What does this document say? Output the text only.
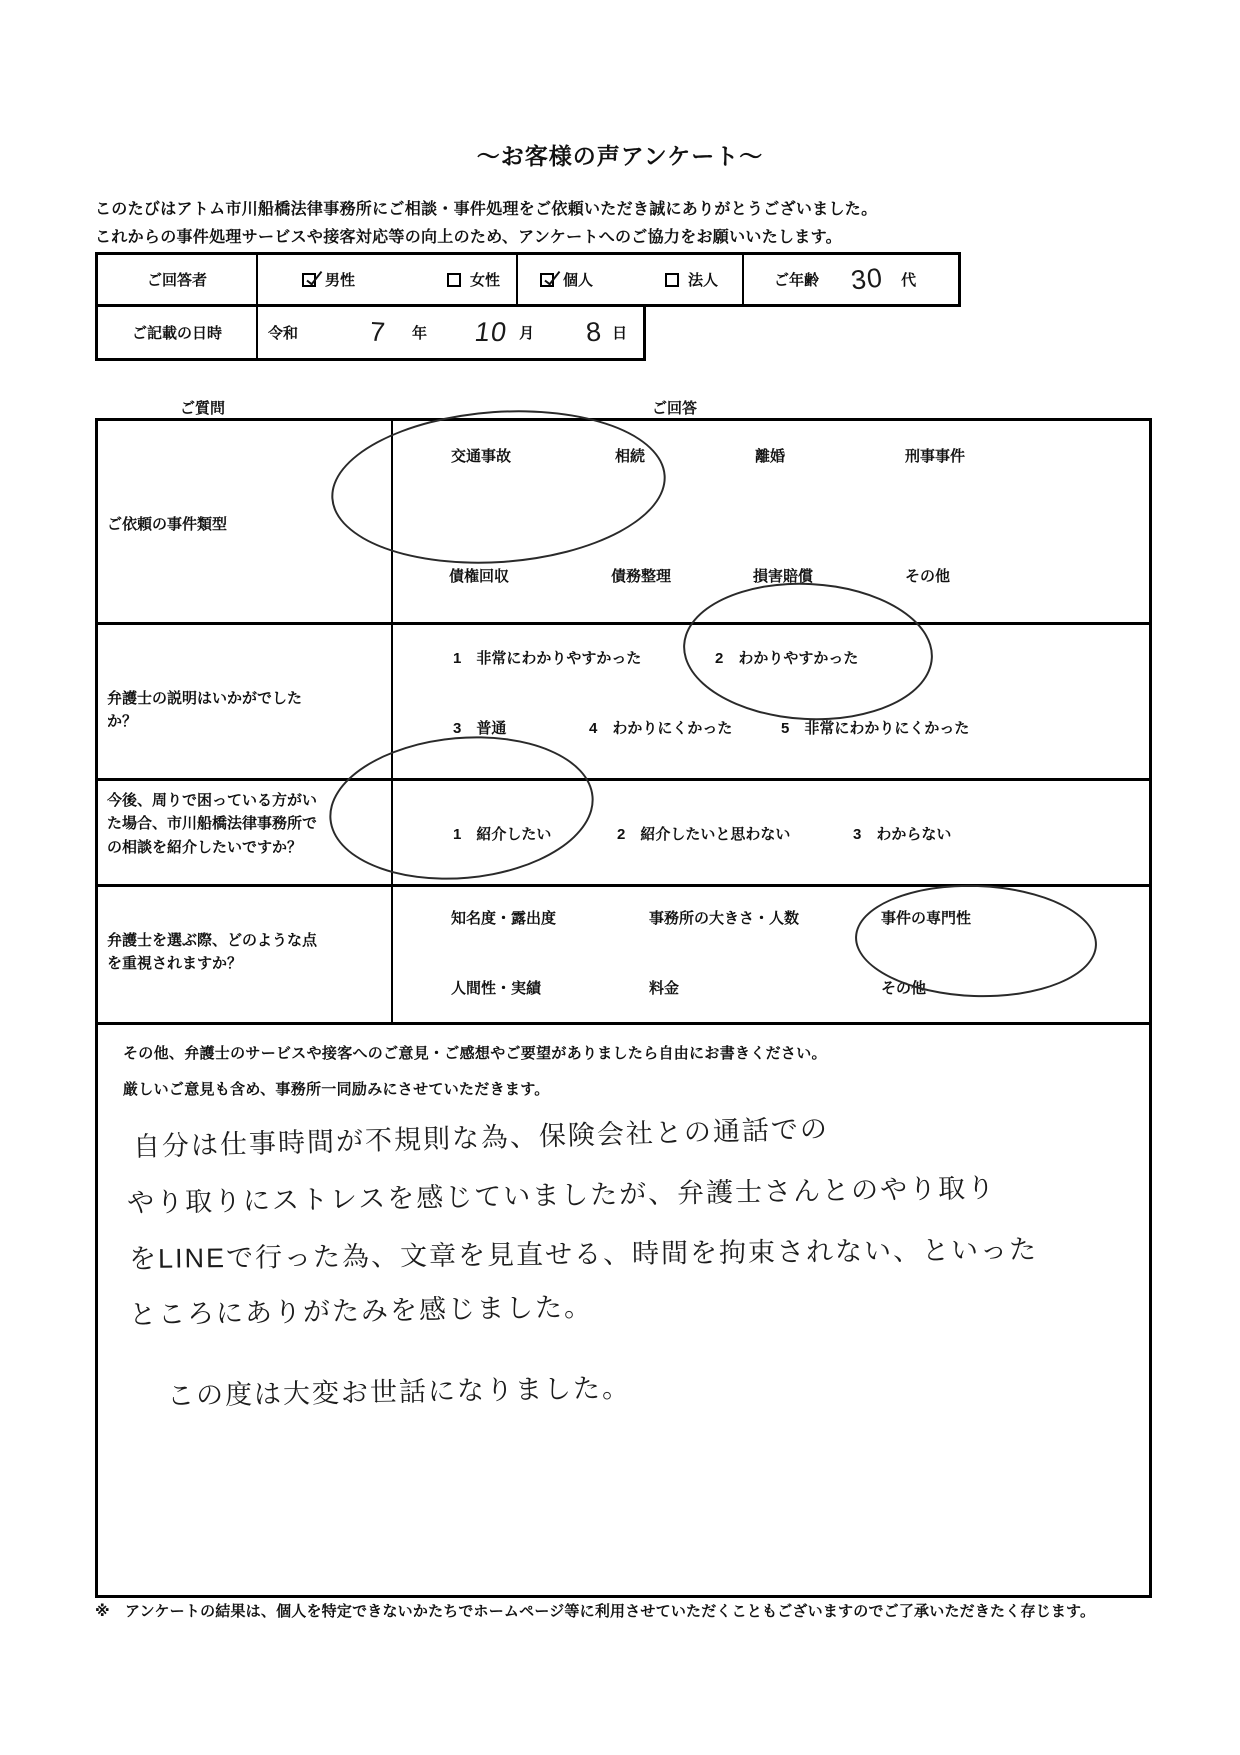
～お客様の声アンケート～
このたびはアトム市川船橋法律事務所にご相談・事件処理をご依頼いただき誠にありがとうございました。
これからの事件処理サービスや接客対応等の向上のため、アンケートへのご協力をお願いいたします。
ご回答者	男性	女性	個人	法人	ご年齢 30 代
ご記載の日時	令和	7 年 10 月 8 日
ご質問	ご回答
ご依頼の事件類型
交通事故	相続	離婚	刑事事件
債権回収	債務整理	損害賠償	その他
弁護士の説明はいかがでしたか？
1　非常にわかりやすかった	2　わかりやすかった
3　普通	4　わかりにくかった	5　非常にわかりにくかった
今後、周りで困っている方がいた場合、市川船橋法律事務所での相談を紹介したいですか？
1　紹介したい	2　紹介したいと思わない	3　わからない
弁護士を選ぶ際、どのような点を重視されますか？
知名度・露出度	事務所の大きさ・人数	事件の専門性
人間性・実績	料金	その他

その他、弁護士のサービスや接客へのご意見・ご感想やご要望がありましたら自由にお書きください。

厳しいご意見も含め、事務所一同励みにさせていただきます。

自分は仕事時間が不規則な為、保険会社との通話での
やり取りにストレスを感じていましたが、弁護士さんとのやり取り
をLINEで行った為、文章を見直せる、時間を拘束されない、といった
ところにありがたみを感じました。
この度は大変お世話になりました。
※　アンケートの結果は、個人を特定できないかたちでホームページ等に利用させていただくこともございますのでご了承いただきたく存じます。
